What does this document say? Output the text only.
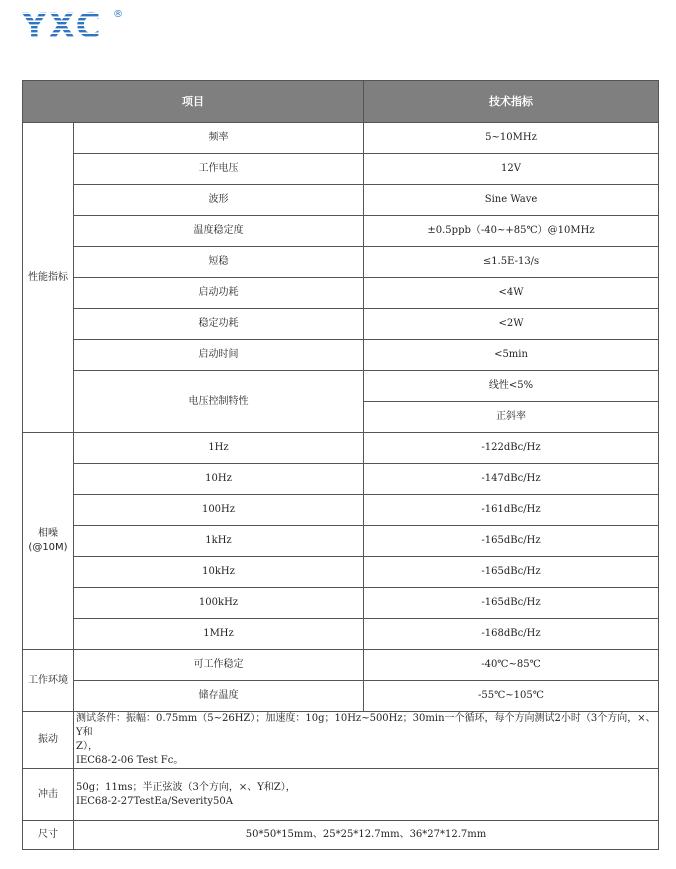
YXC ®
项目		技术指标
性能指标	频率	5~10MHz
	工作电压	12V
	波形	Sine Wave
	温度稳定度	±0.5ppb（-40~+85℃）@10MHz
	短稳	≤1.5E-13/s
	启动功耗	<4W
	稳定功耗	<2W
	启动时间	<5min
	电压控制特性	线性<5%
		正斜率

相噪
(@10M)	1Hz	-122dBc/Hz
	10Hz	-147dBc/Hz
	100Hz	-161dBc/Hz
	1kHz	-165dBc/Hz
	10kHz	-165dBc/Hz
	100kHz	-165dBc/Hz
	1MHz	-168dBc/Hz
工作环境	可工作稳定	-40℃~85℃
	储存温度	-55℃~105℃
振动	测试条件：振幅：0.75mm（5~26HZ）；加速度：10g；10Hz~500Hz；30min一个循环，每个方向测试2小时（3个方向，×、Y和
Z），
IEC68-2-06 Test Fc。	

冲击	50g；11ms；半正弦波（3个方向，×、Y和Z），
IEC68-2-27TestEa/Severity50A	

尺寸	50*50*15mm、25*25*12.7mm、36*27*12.7mm	
